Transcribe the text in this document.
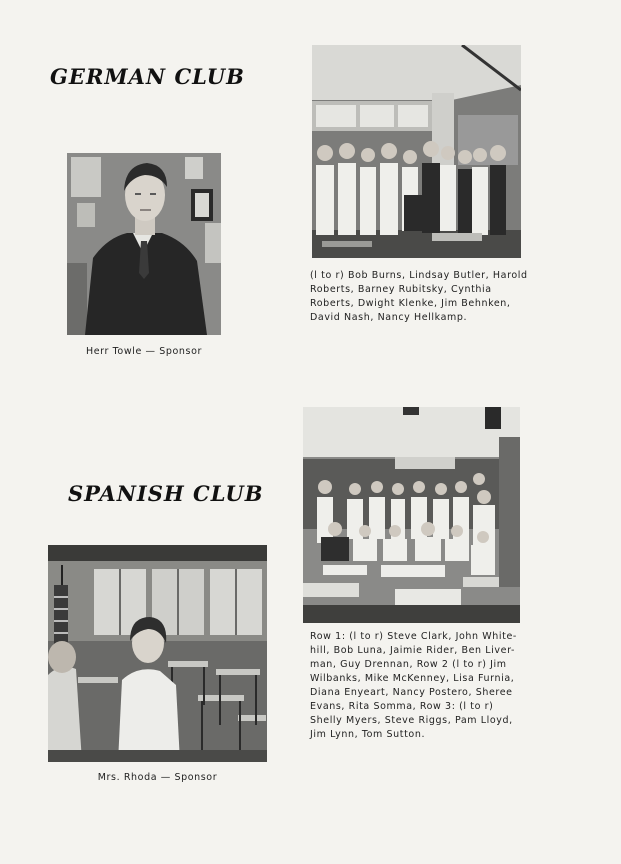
GERMAN CLUB

Herr Towle — Sponsor

(l to r) Bob Burns, Lindsay Butler, Harold Roberts, Barney Rubitsky, Cynthia Roberts, Dwight Klenke, Jim Behnken, David Nash, Nancy Hellkamp.

SPANISH CLUB

Mrs. Rhoda — Sponsor

Row 1: (l to r) Steve Clark, John White-hill, Bob Luna, Jaimie Rider, Ben Liver-man, Guy Drennan, Row 2 (l to r) Jim Wilbanks, Mike McKenney, Lisa Furnia, Diana Enyeart, Nancy Postero, Sheree Evans, Rita Somma, Row 3: (l to r) Shelly Myers, Steve Riggs, Pam Lloyd, Jim Lynn, Tom Sutton.
